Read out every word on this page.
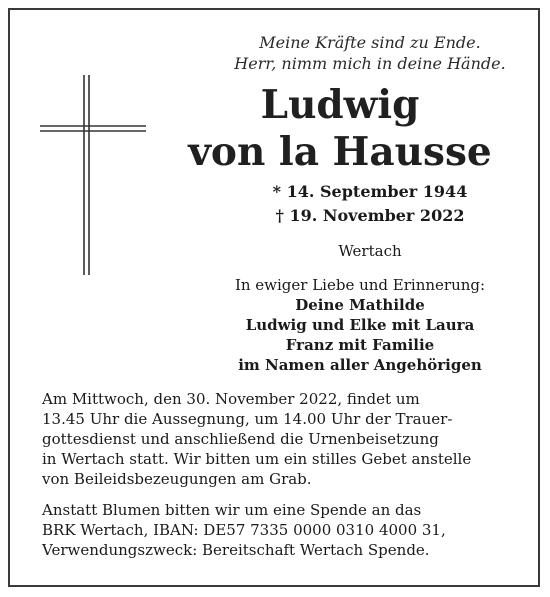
Meine Kräfte sind zu Ende.
Herr, nimm mich in deine Hände.
Ludwig
von la Hausse
* 14. September 1944
† 19. November 2022
Wertach
In ewiger Liebe und Erinnerung:
Deine Mathilde
Ludwig und Elke mit Laura
Franz mit Familie
im Namen aller Angehörigen
Am Mittwoch, den 30. November 2022, findet um
13.45 Uhr die Aussegnung, um 14.00 Uhr der Trauer-
gottesdienst und anschließend die Urnenbeisetzung
in Wertach statt. Wir bitten um ein stilles Gebet anstelle
von Beileidsbezeugungen am Grab.
Anstatt Blumen bitten wir um eine Spende an das
BRK Wertach, IBAN: DE57 7335 0000 0310 4000 31,
Verwendungszweck: Bereitschaft Wertach Spende.
